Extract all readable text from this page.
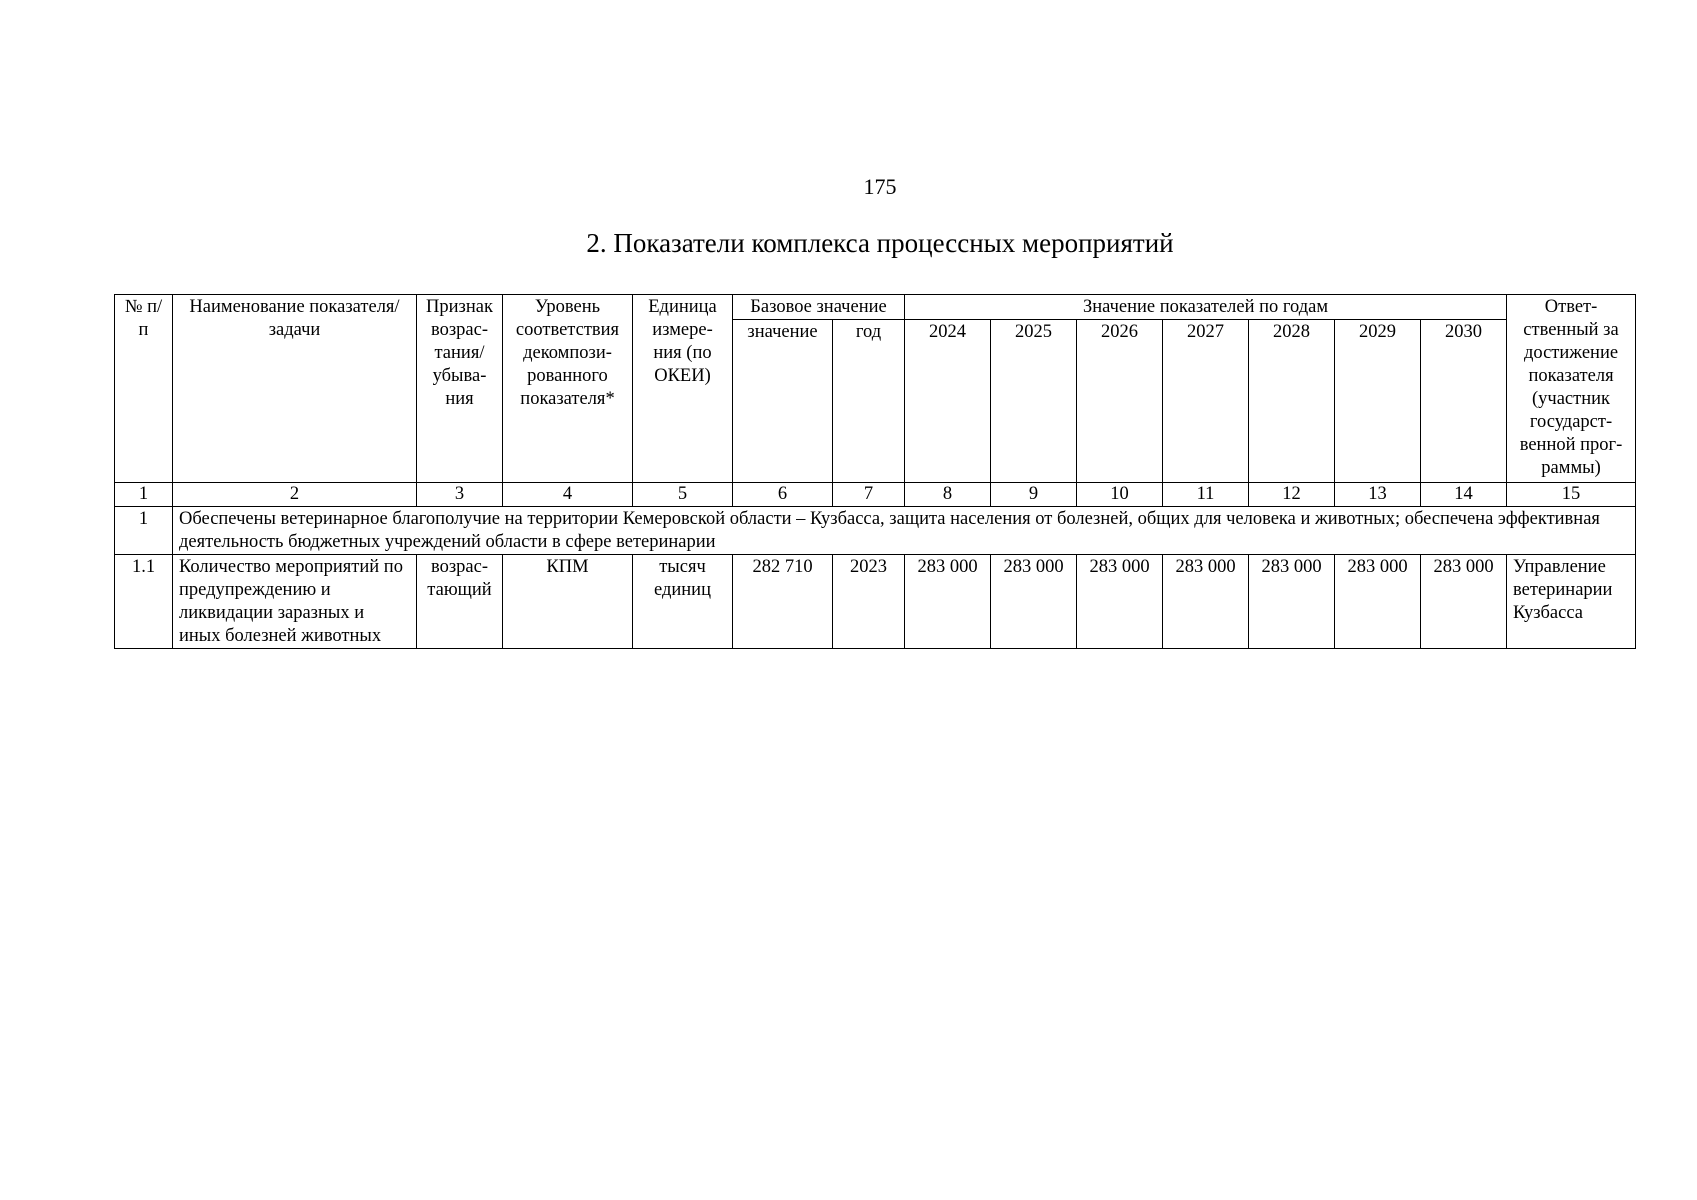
175
2. Показатели комплекса процессных мероприятий
№ п/п	Наименование показателя/задачи	Признак возрас-тания/ убыва-ния	Уровень соответствия декомпози-рованного показателя*	Единица измере-ния (по ОКЕИ)	Базовое значение		Значение показателей по годам							Ответ-ственный за достижение показателя (участник государст-венной прог-раммы)
					значение	год	2024	2025	2026	2027	2028	2029	2030	
1	2	3	4	5	6	7	8	9	10	11	12	13	14	15
1	Обеспечены ветеринарное благополучие на территории Кемеровской области – Кузбасса, защита населения от болезней, общих для человека и животных; обеспечена эффективная деятельность бюджетных учреждений области в сфере ветеринарии													
1.1	Количество мероприятий по предупреждению и ликвидации заразных и иных болезней животных	возрас-тающий	КПМ	тысяч единиц	282 710	2023	283 000	283 000	283 000	283 000	283 000	283 000	283 000	Управление ветеринарии Кузбасса
